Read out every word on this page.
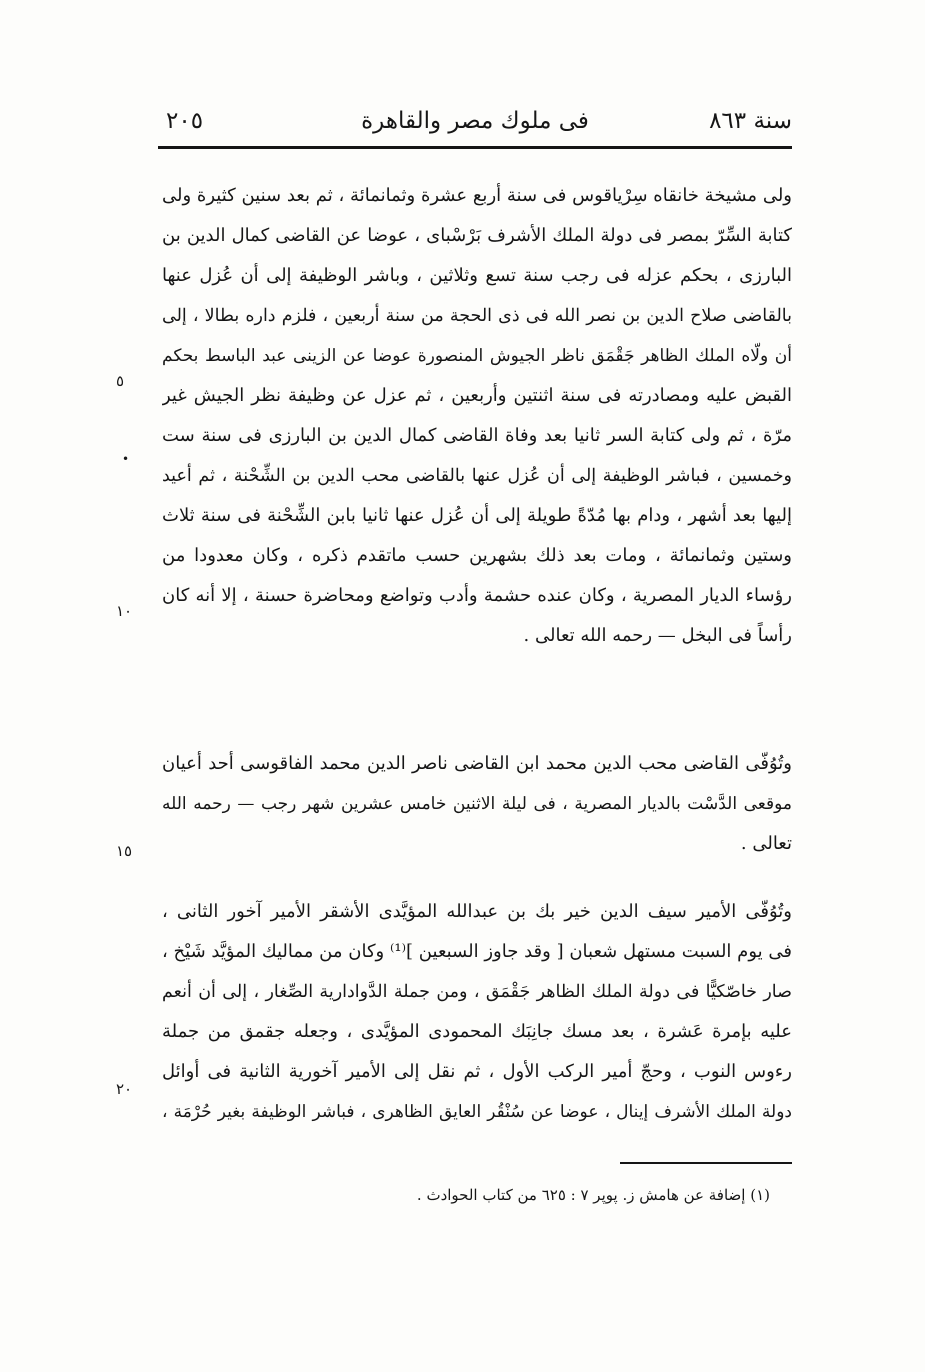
سنة ٨٦٣
فى ملوك مصر والقاهرة
٢٠٥
ولى مشيخة خانقاه سِرْياقوس فى سنة أربع عشرة وثمانمائة ، ثم بعد سنين كثيرة ولى
كتابة السِّرّ بمصر فى دولة الملك الأشرف بَرْسْباى ، عوضا عن القاضى كمال الدين بن
البارزى ، بحكم عزله فى رجب سنة تسع وثلاثين ، وباشر الوظيفة إلى أن عُزل عنها
بالقاضى صلاح الدين بن نصر الله فى ذى الحجة من سنة أربعين ، فلزم داره بطالا ، إلى
أن ولّاه الملك الظاهر جَقْمَق ناظر الجيوش المنصورة عوضا عن الزينى عبد الباسط بحكم
القبض عليه ومصادرته فى سنة اثنتين وأربعين ، ثم عزل عن وظيفة نظر الجيش غير
مرّة ، ثم ولى كتابة السر ثانيا بعد وفاة القاضى كمال الدين بن البارزى فى سنة ست
وخمسين ، فباشر الوظيفة إلى أن عُزل عنها بالقاضى محب الدين بن الشِّحْنة ، ثم أعيد
إليها بعد أشهر ، ودام بها مُدّةً طويلة إلى أن عُزل عنها ثانيا بابن الشِّحْنة فى سنة ثلاث
وستين وثمانمائة ، ومات بعد ذلك بشهرين حسب ماتقدم ذكره ، وكان معدودا من
رؤساء الديار المصرية ، وكان عنده حشمة وأدب وتواضع ومحاضرة حسنة ، إلا أنه كان
رأساً فى البخل — رحمه الله تعالى .
وتُوُفّى القاضى محب الدين محمد ابن القاضى ناصر الدين محمد الفاقوسى أحد أعيان
موقعى الدَّسْت بالديار المصرية ، فى ليلة الاثنين خامس عشرين شهر رجب — رحمه الله
تعالى .
وتُوُفّى الأمير سيف الدين خير بك بن عبدالله المؤيَّدى الأشقر الأمير آخور الثانى ،
فى يوم السبت مستهل شعبان [ وقد جاوز السبعين ]⁽¹⁾ وكان من مماليك المؤيَّد شَيْخ ،
صار خاصّكيًّا فى دولة الملك الظاهر جَقْمَق ، ومن جملة الدَّوادارية الصِّغار ، إلى أن أنعم
عليه بإمرة عَشرة ، بعد مسك جانِبَك المحمودى المؤيَّدى ، وجعله جقمق من جملة
رءوس النوب ، وحجّ أمير الركب الأول ، ثم نقل إلى الأمير آخورية الثانية فى أوائل
دولة الملك الأشرف إينال ، عوضا عن سُنْقُر العايق الظاهرى ، فباشر الوظيفة بغير حُرْمَة ،
٥
١٠
١٥
٢٠
•
(١) إضافة عن هامش ز. پوپر ٧ : ٦٢٥ من كتاب الحوادث .
